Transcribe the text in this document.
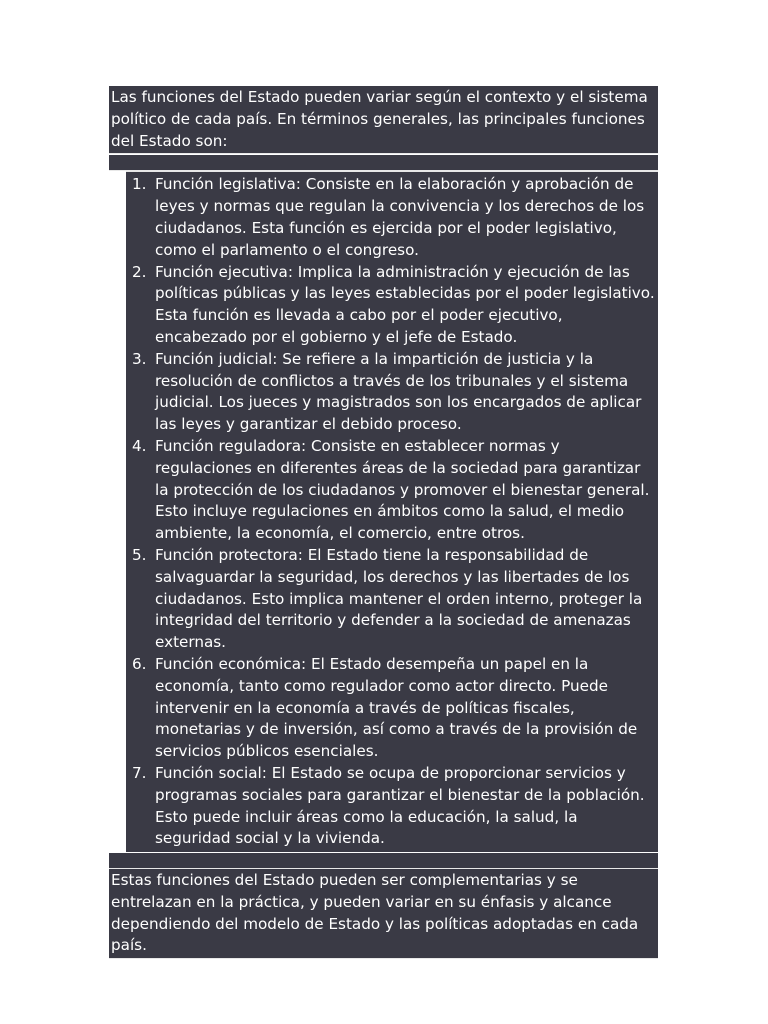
Las funciones del Estado pueden variar según el contexto y el sistema político de cada país. En términos generales, las principales funciones del Estado son:
1. Función legislativa: Consiste en la elaboración y aprobación de leyes y normas que regulan la convivencia y los derechos de los ciudadanos. Esta función es ejercida por el poder legislativo, como el parlamento o el congreso.
2. Función ejecutiva: Implica la administración y ejecución de las políticas públicas y las leyes establecidas por el poder legislativo. Esta función es llevada a cabo por el poder ejecutivo, encabezado por el gobierno y el jefe de Estado.
3. Función judicial: Se refiere a la impartición de justicia y la resolución de conflictos a través de los tribunales y el sistema judicial. Los jueces y magistrados son los encargados de aplicar las leyes y garantizar el debido proceso.
4. Función reguladora: Consiste en establecer normas y regulaciones en diferentes áreas de la sociedad para garantizar la protección de los ciudadanos y promover el bienestar general. Esto incluye regulaciones en ámbitos como la salud, el medio ambiente, la economía, el comercio, entre otros.
5. Función protectora: El Estado tiene la responsabilidad de salvaguardar la seguridad, los derechos y las libertades de los ciudadanos. Esto implica mantener el orden interno, proteger la integridad del territorio y defender a la sociedad de amenazas externas.
6. Función económica: El Estado desempeña un papel en la economía, tanto como regulador como actor directo. Puede intervenir en la economía a través de políticas fiscales, monetarias y de inversión, así como a través de la provisión de servicios públicos esenciales.
7. Función social: El Estado se ocupa de proporcionar servicios y programas sociales para garantizar el bienestar de la población. Esto puede incluir áreas como la educación, la salud, la seguridad social y la vivienda.
Estas funciones del Estado pueden ser complementarias y se entrelazan en la práctica, y pueden variar en su énfasis y alcance dependiendo del modelo de Estado y las políticas adoptadas en cada país.
